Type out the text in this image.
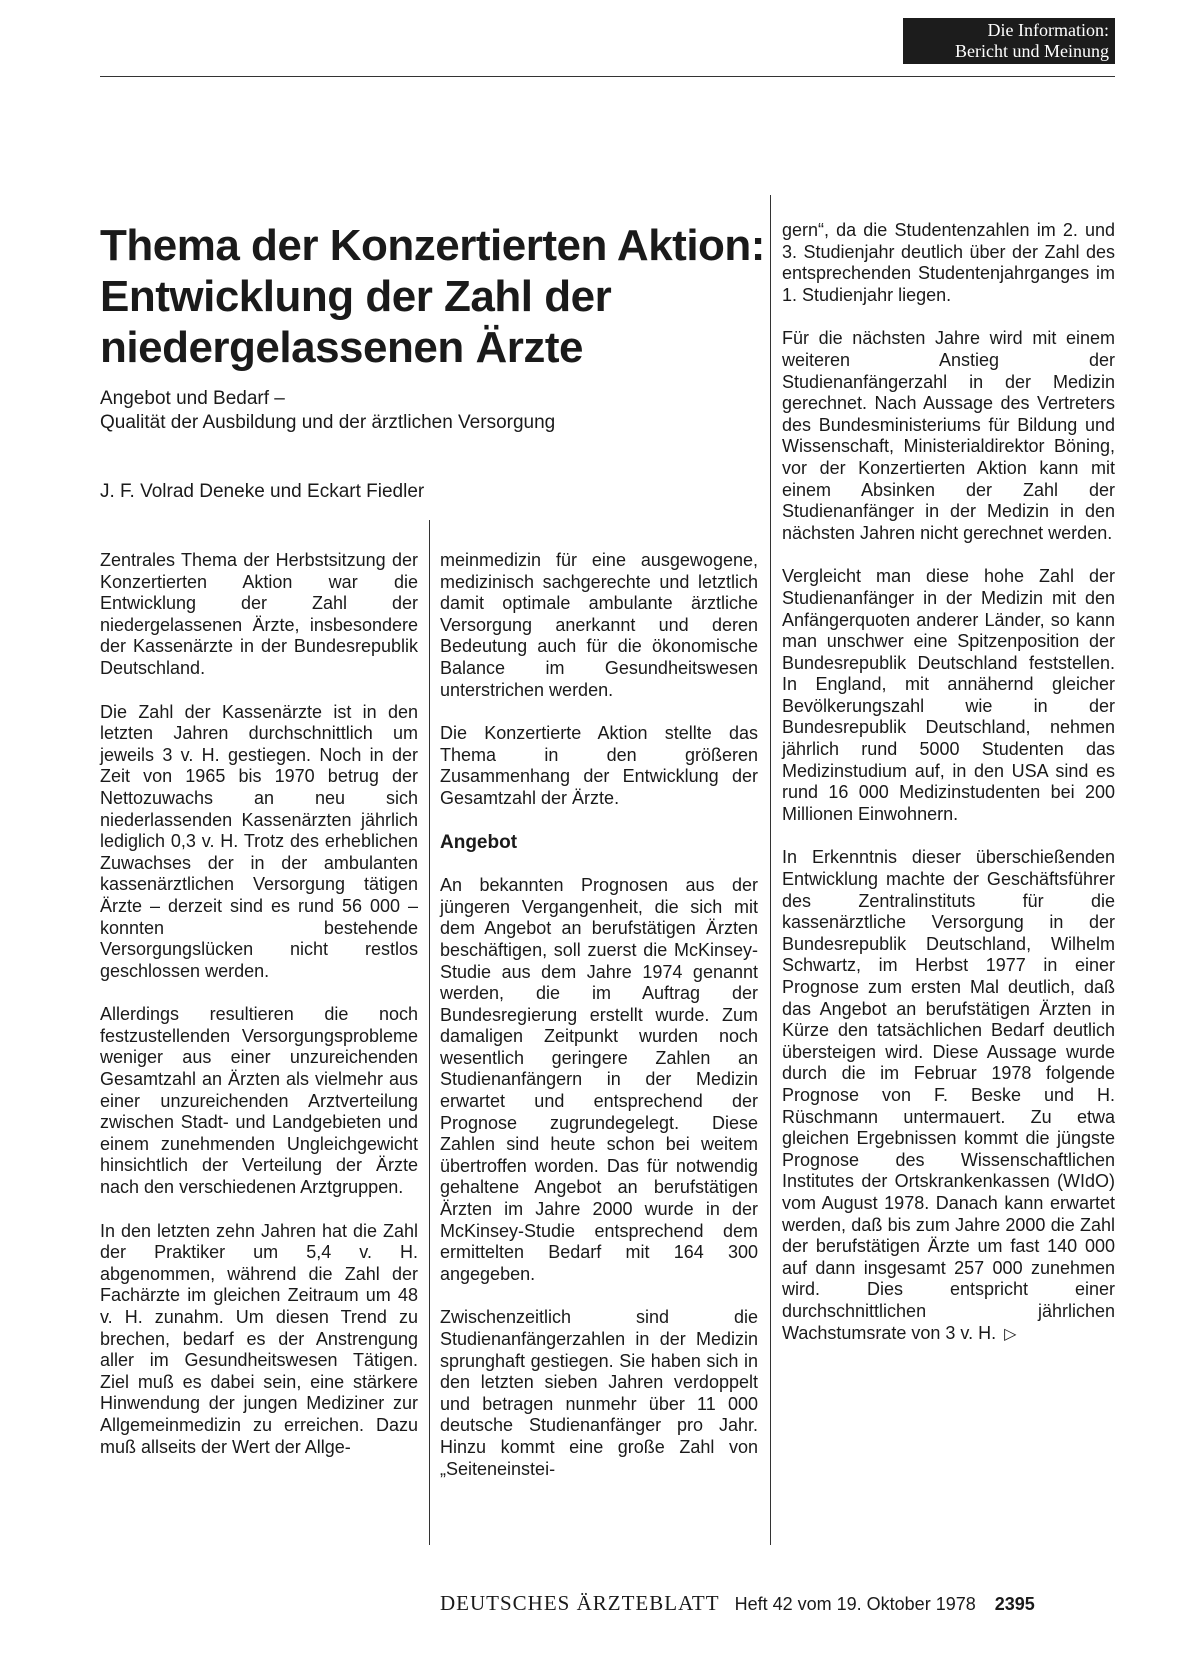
Die Information:
Bericht und Meinung
Thema der Konzertierten Aktion:
Entwicklung der Zahl der
niedergelassenen Ärzte
Angebot und Bedarf –
Qualität der Ausbildung und der ärztlichen Versorgung
J. F. Volrad Deneke und Eckart Fiedler

Zentrales Thema der Herbstsitzung der Konzertierten Aktion war die Entwicklung der Zahl der niedergelassenen Ärzte, insbesondere der Kassenärzte in der Bundesrepublik Deutschland.

Die Zahl der Kassenärzte ist in den letzten Jahren durchschnittlich um jeweils 3 v. H. gestiegen. Noch in der Zeit von 1965 bis 1970 betrug der Nettozuwachs an neu sich niederlassenden Kassenärzten jährlich lediglich 0,3 v. H. Trotz des erheblichen Zuwachses der in der ambulanten kassenärztlichen Versorgung tätigen Ärzte – derzeit sind es rund 56 000 – konnten bestehende Versorgungslücken nicht restlos geschlossen werden.

Allerdings resultieren die noch festzustellenden Versorgungsprobleme weniger aus einer unzureichenden Gesamtzahl an Ärzten als vielmehr aus einer unzureichenden Arztverteilung zwischen Stadt- und Landgebieten und einem zunehmenden Ungleichgewicht hinsichtlich der Verteilung der Ärzte nach den verschiedenen Arztgruppen.

In den letzten zehn Jahren hat die Zahl der Praktiker um 5,4 v. H. abgenommen, während die Zahl der Fachärzte im gleichen Zeitraum um 48 v. H. zunahm. Um diesen Trend zu brechen, bedarf es der Anstrengung aller im Gesundheitswesen Tätigen. Ziel muß es dabei sein, eine stärkere Hinwendung der jungen Mediziner zur Allgemeinmedizin zu erreichen. Dazu muß allseits der Wert der Allge-

meinmedizin für eine ausgewogene, medizinisch sachgerechte und letztlich damit optimale ambulante ärztliche Versorgung anerkannt und deren Bedeutung auch für die ökonomische Balance im Gesundheitswesen unterstrichen werden.

Die Konzertierte Aktion stellte das Thema in den größeren Zusammenhang der Entwicklung der Gesamtzahl der Ärzte.

Angebot

An bekannten Prognosen aus der jüngeren Vergangenheit, die sich mit dem Angebot an berufstätigen Ärzten beschäftigen, soll zuerst die McKinsey-Studie aus dem Jahre 1974 genannt werden, die im Auftrag der Bundesregierung erstellt wurde. Zum damaligen Zeitpunkt wurden noch wesentlich geringere Zahlen an Studienanfängern in der Medizin erwartet und entsprechend der Prognose zugrundegelegt. Diese Zahlen sind heute schon bei weitem übertroffen worden. Das für notwendig gehaltene Angebot an berufstätigen Ärzten im Jahre 2000 wurde in der McKinsey-Studie entsprechend dem ermittelten Bedarf mit 164 300 angegeben.

Zwischenzeitlich sind die Studienanfängerzahlen in der Medizin sprunghaft gestiegen. Sie haben sich in den letzten sieben Jahren verdoppelt und betragen nunmehr über 11 000 deutsche Studienanfänger pro Jahr. Hinzu kommt eine große Zahl von „Seiteneinstei-

gern“, da die Studentenzahlen im 2. und 3. Studienjahr deutlich über der Zahl des entsprechenden Studentenjahrganges im 1. Studienjahr liegen.

Für die nächsten Jahre wird mit einem weiteren Anstieg der Studienanfängerzahl in der Medizin gerechnet. Nach Aussage des Vertreters des Bundesministeriums für Bildung und Wissenschaft, Ministerialdirektor Böning, vor der Konzertierten Aktion kann mit einem Absinken der Zahl der Studienanfänger in der Medizin in den nächsten Jahren nicht gerechnet werden.

Vergleicht man diese hohe Zahl der Studienanfänger in der Medizin mit den Anfängerquoten anderer Länder, so kann man unschwer eine Spitzenposition der Bundesrepublik Deutschland feststellen. In England, mit annähernd gleicher Bevölkerungszahl wie in der Bundesrepublik Deutschland, nehmen jährlich rund 5000 Studenten das Medizinstudium auf, in den USA sind es rund 16 000 Medizinstudenten bei 200 Millionen Einwohnern.

In Erkenntnis dieser überschießenden Entwicklung machte der Geschäftsführer des Zentralinstituts für die kassenärztliche Versorgung in der Bundesrepublik Deutschland, Wilhelm Schwartz, im Herbst 1977 in einer Prognose zum ersten Mal deutlich, daß das Angebot an berufstätigen Ärzten in Kürze den tatsächlichen Bedarf deutlich übersteigen wird. Diese Aussage wurde durch die im Februar 1978 folgende Prognose von F. Beske und H. Rüschmann untermauert. Zu etwa gleichen Ergebnissen kommt die jüngste Prognose des Wissenschaftlichen Institutes der Ortskrankenkassen (WIdO) vom August 1978. Danach kann erwartet werden, daß bis zum Jahre 2000 die Zahl der berufstätigen Ärzte um fast 140 000 auf dann insgesamt 257 000 zunehmen wird. Dies entspricht einer durchschnittlichen jährlichen Wachstumsrate von 3 v. H. ▷

DEUTSCHES ÄRZTEBLATT Heft 42 vom 19. Oktober 1978 2395
